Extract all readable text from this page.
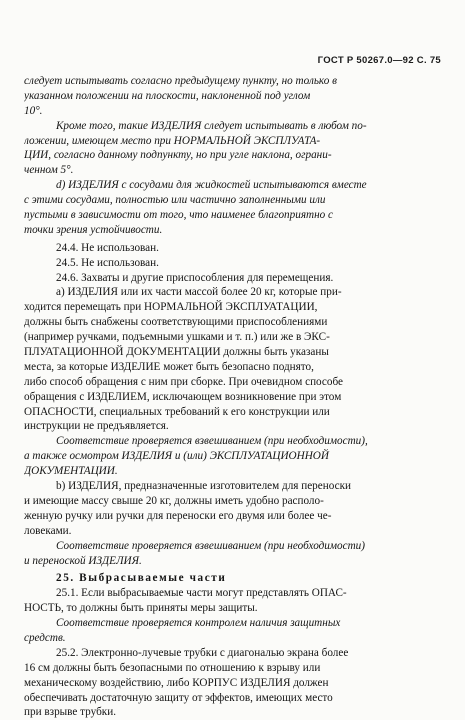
ГОСТ Р 50267.0—92 С. 75
следует испытывать согласно предыдущему пункту, но только в
указанном положении на плоскости, наклоненной под углом
10°.
Кроме того, такие ИЗДЕЛИЯ следует испытывать в любом по-
ложении, имеющем место при НОРМАЛЬНОЙ ЭКСПЛУАТА-
ЦИИ, согласно данному подпункту, но при угле наклона, ограни-
ченном 5°.
d) ИЗДЕЛИЯ с сосудами для жидкостей испытываются вместе
с этими сосудами, полностью или частично заполненными или
пустыми в зависимости от того, что наименее благоприятно с
точки зрения устойчивости.
24.4. Не использован.
24.5. Не использован.
24.6. Захваты и другие приспособления для перемещения.
а) ИЗДЕЛИЯ или их части массой более 20 кг, которые при-
ходится перемещать при НОРМАЛЬНОЙ ЭКСПЛУАТАЦИИ,
должны быть снабжены соответствующими приспособлениями
(например ручками, подъемными ушками и т. п.) или же в ЭКС-
ПЛУАТАЦИОННОЙ ДОКУМЕНТАЦИИ должны быть указаны
места, за которые ИЗДЕЛИЕ может быть безопасно поднято,
либо способ обращения с ним при сборке. При очевидном способе
обращения с ИЗДЕЛИЕМ, исключающем возникновение при этом
ОПАСНОСТИ, специальных требований к его конструкции или
инструкции не предъявляется.
Соответствие проверяется взвешиванием (при необходимости),
а также осмотром ИЗДЕЛИЯ и (или) ЭКСПЛУАТАЦИОННОЙ
ДОКУМЕНТАЦИИ.
b) ИЗДЕЛИЯ, предназначенные изготовителем для переноски
и имеющие массу свыше 20 кг, должны иметь удобно располо-
женную ручку или ручки для переноски его двумя или более че-
ловеками.
Соответствие проверяется взвешиванием (при необходимости)
и переноской ИЗДЕЛИЯ.
25. Выбрасываемые части
25.1. Если выбрасываемые части могут представлять ОПАС-
НОСТЬ, то должны быть приняты меры защиты.
Соответствие проверяется контролем наличия защитных
средств.
25.2. Электронно-лучевые трубки с диагональю экрана более
16 см должны быть безопасными по отношению к взрыву или
механическому воздействию, либо КОРПУС ИЗДЕЛИЯ должен
обеспечивать достаточную защиту от эффектов, имеющих место
при взрыве трубки.
